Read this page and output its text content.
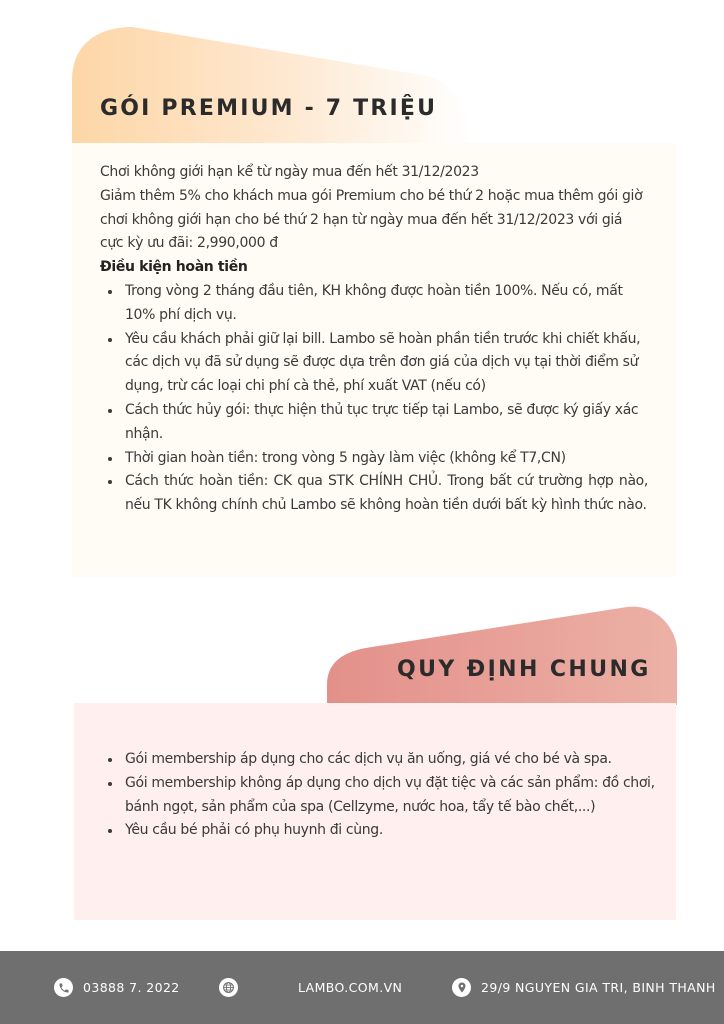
GÓI PREMIUM - 7 TRIỆU

Chơi không giới hạn kể từ ngày mua đến hết 31/12/2023

Giảm thêm 5% cho khách mua gói Premium cho bé thứ 2 hoặc mua thêm gói giờ chơi không giới hạn cho bé thứ 2 hạn từ ngày mua đến hết 31/12/2023 với giá cực kỳ ưu đãi: 2,990,000 đ

Điều kiện hoàn tiền

Trong vòng 2 tháng đầu tiên, KH không được hoàn tiền 100%. Nếu có, mất 10% phí dịch vụ.
Yêu cầu khách phải giữ lại bill. Lambo sẽ hoàn phần tiền trước khi chiết khấu, các dịch vụ đã sử dụng sẽ được dựa trên đơn giá của dịch vụ tại thời điểm sử dụng, trừ các loại chi phí cà thẻ, phí xuất VAT (nếu có)
Cách thức hủy gói: thực hiện thủ tục trực tiếp tại Lambo, sẽ được ký giấy xác nhận.
Thời gian hoàn tiền: trong vòng 5 ngày làm việc (không kể T7,CN)
Cách thức hoàn tiền: CK qua STK CHÍNH CHỦ. Trong bất cứ trường hợp nào, nếu TK không chính chủ Lambo sẽ không hoàn tiền dưới bất kỳ hình thức nào.
QUY ĐỊNH CHUNG
Gói membership áp dụng cho các dịch vụ ăn uống, giá vé cho bé và spa.
Gói membership không áp dụng cho dịch vụ đặt tiệc và các sản phẩm: đồ chơi, bánh ngọt, sản phẩm của spa (Cellzyme, nước hoa, tẩy tế bào chết,...)
Yêu cầu bé phải có phụ huynh đi cùng.
03888 7. 2022	LAMBO.COM.VN	29/9 NGUYEN GIA TRI, BINH THANH
